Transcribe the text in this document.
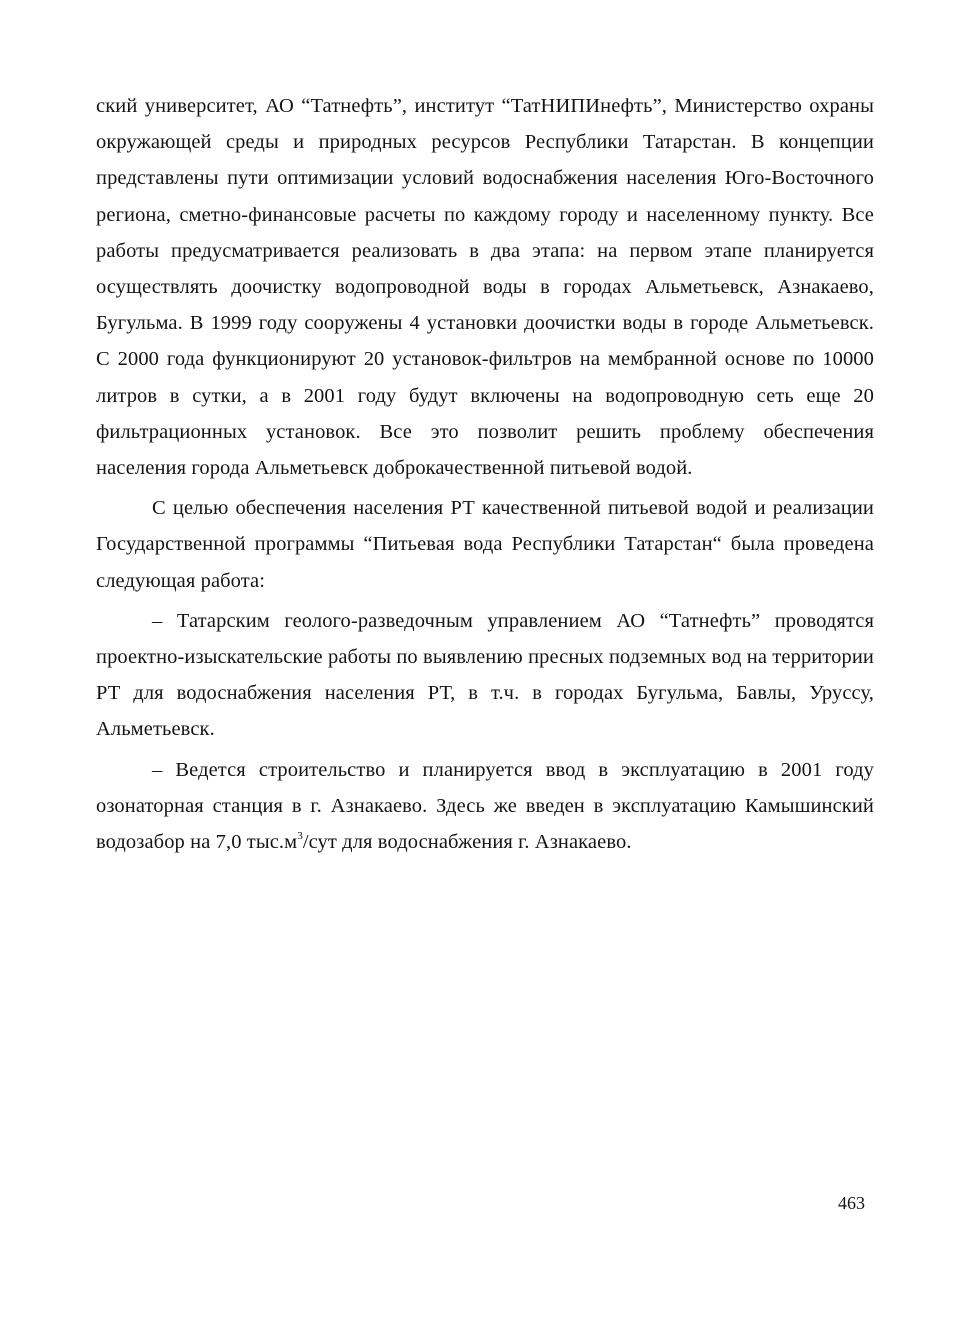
ский университет, АО “Татнефть”, институт “ТатНИПИнефть”, Министерство охраны окружающей среды и природных ресурсов Республики Татарстан. В концепции представлены пути оптимизации условий водоснабжения населения Юго-Восточного региона, сметно-финансовые расчеты по каждому городу и населенному пункту. Все работы предусматривается реализовать в два этапа: на первом этапе планируется осуществлять доочистку водопроводной воды в городах Альметьевск, Азнакаево, Бугульма. В 1999 году сооружены 4 установки доочистки воды в городе Альметьевск. С 2000 года функционируют 20 установок-фильтров на мембранной основе по 10000 литров в сутки, а в 2001 году будут включены на водопроводную сеть еще 20 фильтрационных установок. Все это позволит решить проблему обеспечения населения города Альметьевск доброкачественной питьевой водой.

С целью обеспечения населения РТ качественной питьевой водой и реализации Государственной программы “Питьевая вода Республики Татарстан“ была проведена следующая работа:

– Татарским геолого-разведочным управлением АО “Татнефть” проводятся проектно-изыскательские работы по выявлению пресных подземных вод на территории РТ для водоснабжения населения РТ, в т.ч. в городах Бугульма, Бавлы, Уруссу, Альметьевск.

– Ведется строительство и планируется ввод в эксплуатацию в 2001 году озонаторная станция в г. Азнакаево. Здесь же введен в эксплуатацию Камышинский водозабор на 7,0 $тыс.м^3$/сут для водоснабжения г. Азнакаево.

463
